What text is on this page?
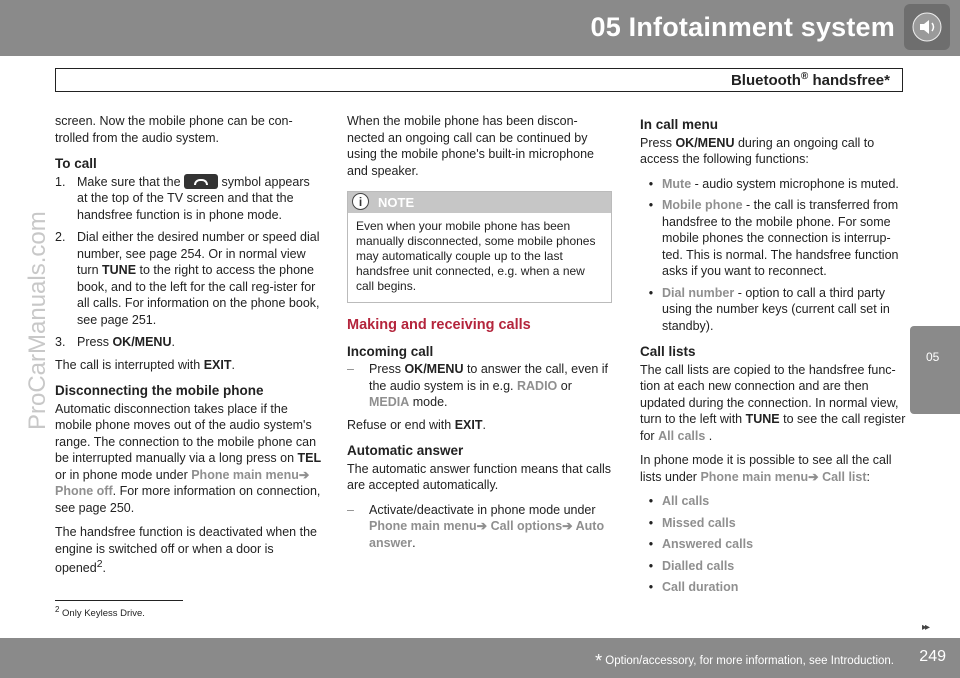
05 Infotainment system
Bluetooth® handsfree*
05
ProCarManuals.com

screen. Now the mobile phone can be con-trolled from the audio system.

To call
1. Make sure that the	symbol appears at the top of the TV screen and that the handsfree function is in phone mode.
2. Dial either the desired number or speed dial number, see page 254. Or in normal view turn TUNE to the right to access the phone book, and to the left for the call reg-ister for all calls. For information on the phone book, see page 251.
3. Press OK/MENU.

The call is interrupted with EXIT.

Disconnecting the mobile phone

Automatic disconnection takes place if the mobile phone moves out of the audio system's range. The connection to the mobile phone can be interrupted manually via a long press on TEL or in phone mode under Phone main menu➔ Phone off. For more information on connection, see page 250.

The handsfree function is deactivated when the engine is switched off or when a door is opened$^2$.

When the mobile phone has been discon-nected an ongoing call can be continued by using the mobile phone's built-in microphone and speaker.

i	NOTE
Even when your mobile phone has been manually disconnected, some mobile phones may automatically couple up to the last handsfree unit connected, e.g. when a new call begins.
Making and receiving calls
Incoming call
–	Press OK/MENU to answer the call, even if the audio system is in e.g. RADIO or MEDIA mode.

Refuse or end with EXIT.

Automatic answer

The automatic answer function means that calls are accepted automatically.

–	Activate/deactivate in phone mode under Phone main menu➔ Call options➔ Auto answer.
In call menu

Press OK/MENU during an ongoing call to access the following functions:

• Mute - audio system microphone is muted.
• Mobile phone - the call is transferred from handsfree to the mobile phone. For some mobile phones the connection is interrup-ted. This is normal. The handsfree function asks if you want to reconnect.
• Dial number - option to call a third party using the number keys (current call set in standby).
Call lists

The call lists are copied to the handsfree func-tion at each new connection and are then updated during the connection. In normal view, turn to the left with TUNE to see the call register for All calls .

In phone mode it is possible to see all the call lists under Phone main menu➔ Call list:

• All calls
• Missed calls
• Answered calls
• Dialled calls
• Call duration
$^2$ Only Keyless Drive.
▸▸
* Option/accessory, for more information, see Introduction. 249
